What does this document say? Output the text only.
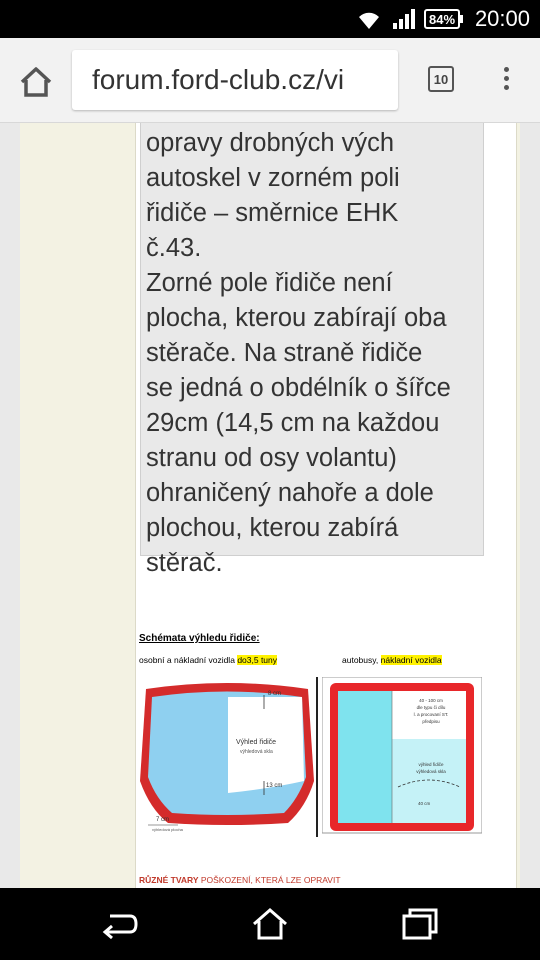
84% 20:00
forum.ford-club.cz/vi	10
opravy drobných vých
autoskel v zorném poli
řidiče – směrnice EHK
č.43.
Zorné pole řidiče není
plocha, kterou zabírají oba
stěrače. Na straně řidiče
se jedná o obdélník o šířce
29cm (14,5 cm na každou
stranu od osy volantu)
ohraničený nahoře a dole
plochou, kterou zabírá
stěrač.
Schémata výhledu řidiče:
osobní a nákladní vozidla do3,5 tuny	autobusy, nákladní vozidla
8 cm
Výhled řidiče
výhledová skla
13 cm
7 cm
výhledová plocha
40 - 100 cm
dle typu či dílu
l. a procovaní ST.
předpisu
výhled řidiče
výhledová skla
40 cm
RŮZNÉ TVARY POŠKOZENÍ, KTERÁ LZE OPRAVIT
